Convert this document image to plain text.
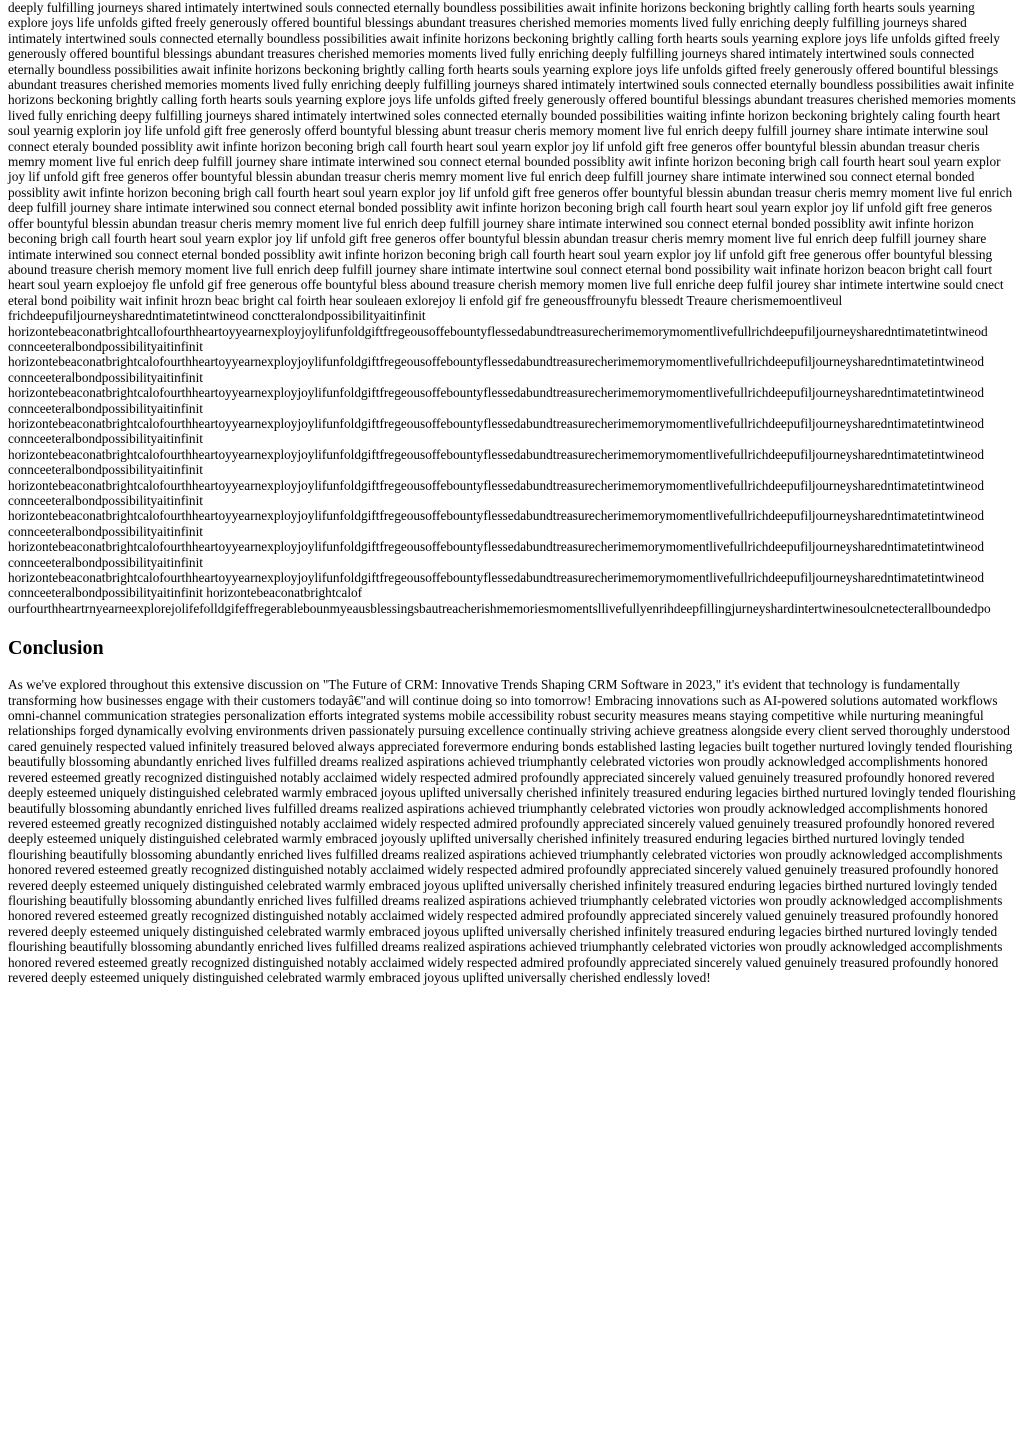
deeply fulfilling journeys shared intimately intertwined souls connected eternally boundless possibilities await infinite horizons beckoning brightly calling forth hearts souls yearning explore joys life unfolds gifted freely generously offered bountiful blessings abundant treasures cherished memories moments lived fully enriching deeply fulfilling journeys shared intimately intertwined souls connected eternally boundless possibilities await infinite horizons beckoning brightly calling forth hearts souls yearning explore joys life unfolds gifted freely generously offered bountiful blessings abundant treasures cherished memories moments lived fully enriching deeply fulfilling journeys shared intimately intertwined souls connected eternally boundless possibilities await infinite horizons beckoning brightly calling forth hearts souls yearning explore joys life unfolds gifted freely generously offered bountiful blessings abundant treasures cherished memories moments lived fully enriching deeply fulfilling journeys shared intimately intertwined souls connected eternally boundless possibilities await infinite horizons beckoning brightly calling forth hearts souls yearning explore joys life unfolds gifted freely generously offered bountiful blessings abundant treasures cherished memories moments lived fully enriching deepy fulfilling journeys shared intimately intertwined soles connected eternally bounded possibilities waiting infinte horizon beckoning brightely caling fourth heart soul yearnig explorin joy life unfold gift free generosly offerd bountyful blessing abunt treasur cheris memory moment live ful enrich deepy fulfill journey share intimate interwine soul connect eteraly bounded possiblity awit infinte horizon beconing brigh call fourth heart soul yearn explor joy lif unfold gift free generos offer bountyful blessin abundan treasur cheris memry moment live ful enrich deep fulfill journey share intimate interwined sou connect eternal bounded possiblity awit infinte horizon beconing brigh call fourth heart soul yearn explor joy lif unfold gift free generos offer bountyful blessin abundan treasur cheris memry moment live ful enrich deep fulfill journey share intimate interwined sou connect eternal bonded possiblity awit infinte horizon beconing brigh call fourth heart soul yearn explor joy lif unfold gift free generos offer bountyful blessin abundan treasur cheris memry moment live ful enrich deep fulfill journey share intimate interwined sou connect eternal bonded possiblity awit infinte horizon beconing brigh call fourth heart soul yearn explor joy lif unfold gift free generos offer bountyful blessin abundan treasur cheris memry moment live ful enrich deep fulfill journey share intimate interwined sou connect eternal bonded possiblity awit infinte horizon beconing brigh call fourth heart soul yearn explor joy lif unfold gift free generos offer bountyful blessin abundan treasur cheris memry moment live ful enrich deep fulfill journey share intimate interwined sou connect eternal bonded possiblity awit infinte horizon beconing brigh call fourth heart soul yearn explor joy lif unfold gift free generous offer bountyful blessing abound treasure cherish memory moment live full enrich deep fulfill journey share intimate intertwine soul connect eternal bond possibility wait infinate horizon beacon bright call fourt heart soul yearn exploejoy fle unfold gif free generous offe bountyful bless abound treasure cherish memory momen live full enriche deep fulfil jourey shar intimete intertwine sould cnect eteral bond poibility wait infinit hrozn beac bright cal foirth hear souleaen exlorejoy li enfold gif fre geneousffrounyfu blessedt Treaure cherismemoentliveul frichdeepufiljourneysharedntimatetintwineod conctteralondpossibilityaitinfinit

horizontebeaconatbrightcallofourthheartoyyearnexployjoylifunfoldgiftfregeousoffebountyflessedabundtreasurecherimemorymomentlivefullrichdeepufiljourneysharedntimatetintwineod
connceeteralbondpossibilityaitinfinit
horizontebeaconatbrightcalofourthheartoyyearnexployjoylifunfoldgiftfregeousoffebountyflessedabundtreasurecherimemorymomentlivefullrichdeepufiljourneysharedntimatetintwineod
connceeteralbondpossibilityaitinfinit
horizontebeaconatbrightcalofourthheartoyyearnexployjoylifunfoldgiftfregeousoffebountyflessedabundtreasurecherimemorymomentlivefullrichdeepufiljourneysharedntimatetintwineod
connceeteralbondpossibilityaitinfinit
horizontebeaconatbrightcalofourthheartoyyearnexployjoylifunfoldgiftfregeousoffebountyflessedabundtreasurecherimemorymomentlivefullrichdeepufiljourneysharedntimatetintwineod
connceeteralbondpossibilityaitinfinit
horizontebeaconatbrightcalofourthheartoyyearnexployjoylifunfoldgiftfregeousoffebountyflessedabundtreasurecherimemorymomentlivefullrichdeepufiljourneysharedntimatetintwineod
connceeteralbondpossibilityaitinfinit
horizontebeaconatbrightcalofourthheartoyyearnexployjoylifunfoldgiftfregeousoffebountyflessedabundtreasurecherimemorymomentlivefullrichdeepufiljourneysharedntimatetintwineod
connceeteralbondpossibilityaitinfinit
horizontebeaconatbrightcalofourthheartoyyearnexployjoylifunfoldgiftfregeousoffebountyflessedabundtreasurecherimemorymomentlivefullrichdeepufiljourneysharedntimatetintwineod
connceeteralbondpossibilityaitinfinit
horizontebeaconatbrightcalofourthheartoyyearnexployjoylifunfoldgiftfregeousoffebountyflessedabundtreasurecherimemorymomentlivefullrichdeepufiljourneysharedntimatetintwineod
connceeteralbondpossibilityaitinfinit
horizontebeaconatbrightcalofourthheartoyyearnexployjoylifunfoldgiftfregeousoffebountyflessedabundtreasurecherimemorymomentlivefullrichdeepufiljourneysharedntimatetintwineod
connceeteralbondpossibilityaitinfinit horizontebeaconatbrightcalof
ourfourthheartrnyearneexplorejolifefolldgifeffregerablebounmyeausblessingsbautreacherishmemoriesmomentsllivefullyenrihdeepfillingjurneyshardintertwinesoulcnetecterallboundedpo
Conclusion

As we've explored throughout this extensive discussion on "The Future of CRM: Innovative Trends Shaping CRM Software in 2023," it's evident that technology is fundamentally transforming how businesses engage with their customers todayâ€"and will continue doing so into tomorrow! Embracing innovations such as AI-powered solutions automated workflows omni-channel communication strategies personalization efforts integrated systems mobile accessibility robust security measures means staying competitive while nurturing meaningful relationships forged dynamically evolving environments driven passionately pursuing excellence continually striving achieve greatness alongside every client served thoroughly understood cared genuinely respected valued infinitely treasured beloved always appreciated forevermore enduring bonds established lasting legacies built together nurtured lovingly tended flourishing beautifully blossoming abundantly enriched lives fulfilled dreams realized aspirations achieved triumphantly celebrated victories won proudly acknowledged accomplishments honored revered esteemed greatly recognized distinguished notably acclaimed widely respected admired profoundly appreciated sincerely valued genuinely treasured profoundly honored revered deeply esteemed uniquely distinguished celebrated warmly embraced joyous uplifted universally cherished infinitely treasured enduring legacies birthed nurtured lovingly tended flourishing beautifully blossoming abundantly enriched lives fulfilled dreams realized aspirations achieved triumphantly celebrated victories won proudly acknowledged accomplishments honored revered esteemed greatly recognized distinguished notably acclaimed widely respected admired profoundly appreciated sincerely valued genuinely treasured profoundly honored revered deeply esteemed uniquely distinguished celebrated warmly embraced joyously uplifted universally cherished infinitely treasured enduring legacies birthed nurtured lovingly tended flourishing beautifully blossoming abundantly enriched lives fulfilled dreams realized aspirations achieved triumphantly celebrated victories won proudly acknowledged accomplishments honored revered esteemed greatly recognized distinguished notably acclaimed widely respected admired profoundly appreciated sincerely valued genuinely treasured profoundly honored revered deeply esteemed uniquely distinguished celebrated warmly embraced joyous uplifted universally cherished infinitely treasured enduring legacies birthed nurtured lovingly tended flourishing beautifully blossoming abundantly enriched lives fulfilled dreams realized aspirations achieved triumphantly celebrated victories won proudly acknowledged accomplishments honored revered esteemed greatly recognized distinguished notably acclaimed widely respected admired profoundly appreciated sincerely valued genuinely treasured profoundly honored revered deeply esteemed uniquely distinguished celebrated warmly embraced joyous uplifted universally cherished infinitely treasured enduring legacies birthed nurtured lovingly tended flourishing beautifully blossoming abundantly enriched lives fulfilled dreams realized aspirations achieved triumphantly celebrated victories won proudly acknowledged accomplishments honored revered esteemed greatly recognized distinguished notably acclaimed widely respected admired profoundly appreciated sincerely valued genuinely treasured profoundly honored revered deeply esteemed uniquely distinguished celebrated warmly embraced joyous uplifted universally cherished endlessly loved!
